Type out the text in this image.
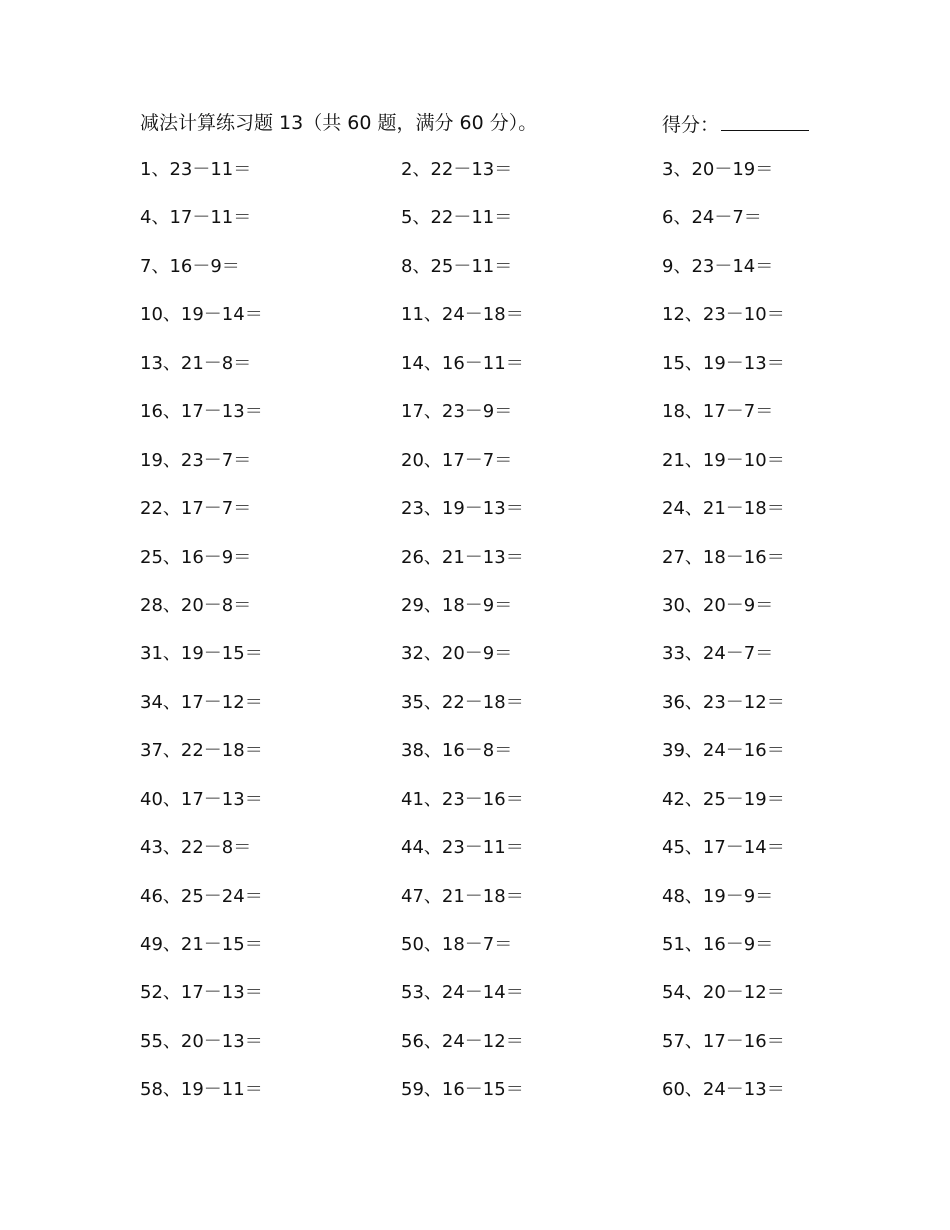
减法计算练习题 13（共 60 题，满分 60 分）。	得分：
1、23－11＝	2、22－13＝	3、20－19＝
4、17－11＝	5、22－11＝	6、24－7＝
7、16－9＝	8、25－11＝	9、23－14＝
10、19－14＝	11、24－18＝	12、23－10＝
13、21－8＝	14、16－11＝	15、19－13＝
16、17－13＝	17、23－9＝	18、17－7＝
19、23－7＝	20、17－7＝	21、19－10＝
22、17－7＝	23、19－13＝	24、21－18＝
25、16－9＝	26、21－13＝	27、18－16＝
28、20－8＝	29、18－9＝	30、20－9＝
31、19－15＝	32、20－9＝	33、24－7＝
34、17－12＝	35、22－18＝	36、23－12＝
37、22－18＝	38、16－8＝	39、24－16＝
40、17－13＝	41、23－16＝	42、25－19＝
43、22－8＝	44、23－11＝	45、17－14＝
46、25－24＝	47、21－18＝	48、19－9＝
49、21－15＝	50、18－7＝	51、16－9＝
52、17－13＝	53、24－14＝	54、20－12＝
55、20－13＝	56、24－12＝	57、17－16＝
58、19－11＝	59、16－15＝	60、24－13＝
